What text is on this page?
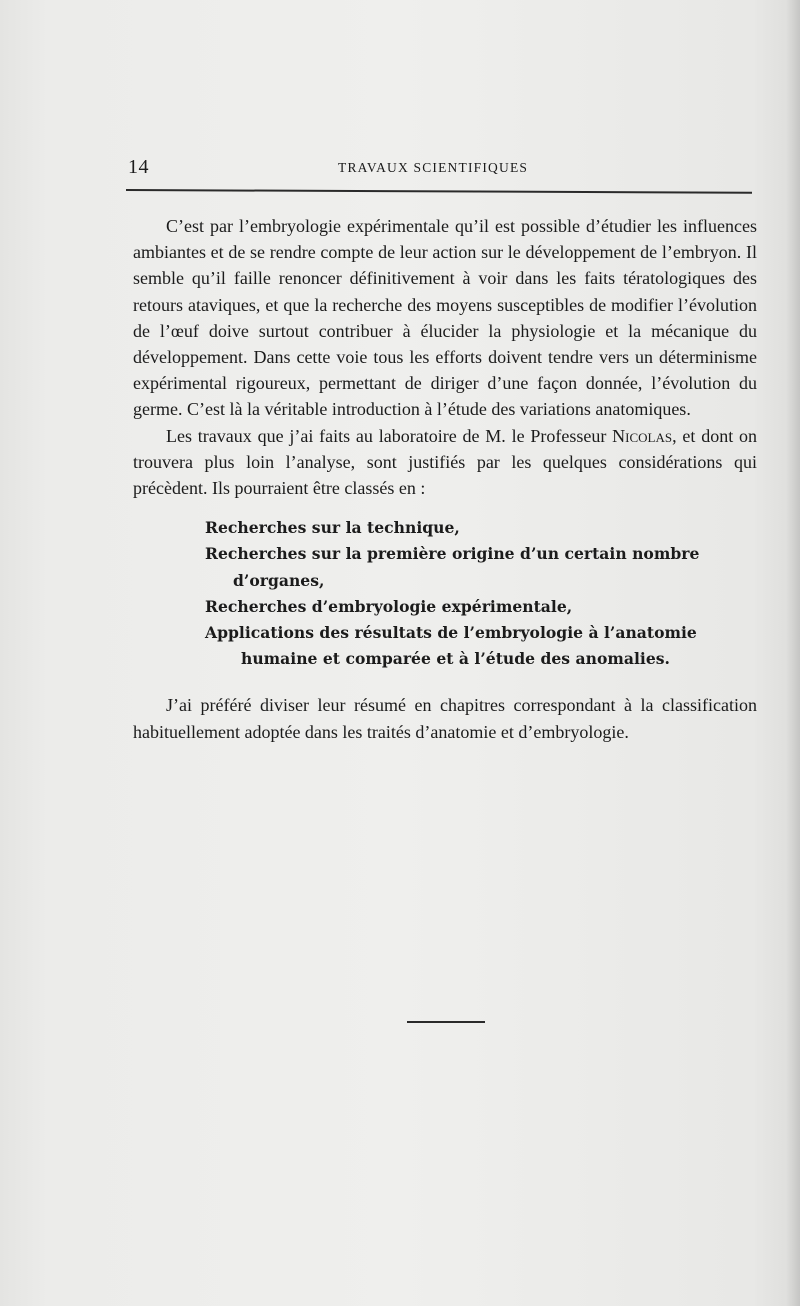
14	TRAVAUX SCIENTIFIQUES

C’est par l’embryologie expérimentale qu’il est possible d’étudier les influences ambiantes et de se rendre compte de leur action sur le développement de l’embryon. Il semble qu’il faille renoncer définitivement à voir dans les faits tératologiques des retours ataviques, et que la recherche des moyens susceptibles de modifier l’évolution de l’œuf doive surtout contribuer à élucider la physiologie et la mécanique du développement. Dans cette voie tous les efforts doivent tendre vers un déterminisme expérimental rigoureux, permettant de diriger d’une façon donnée, l’évolution du germe. C’est là la véritable introduction à l’étude des variations anatomiques.

Les travaux que j’ai faits au laboratoire de M. le Professeur Nicolas, et dont on trouvera plus loin l’analyse, sont justifiés par les quelques considérations qui précèdent. Ils pourraient être classés en :

Recherches sur la technique,
Recherches sur la première origine d’un certain nombre
d’organes,
Recherches d’embryologie expérimentale,
Applications des résultats de l’embryologie à l’anatomie
humaine et comparée et à l’étude des anomalies.

J’ai préféré diviser leur résumé en chapitres correspondant à la classification habituellement adoptée dans les traités d’anatomie et d’embryologie.
